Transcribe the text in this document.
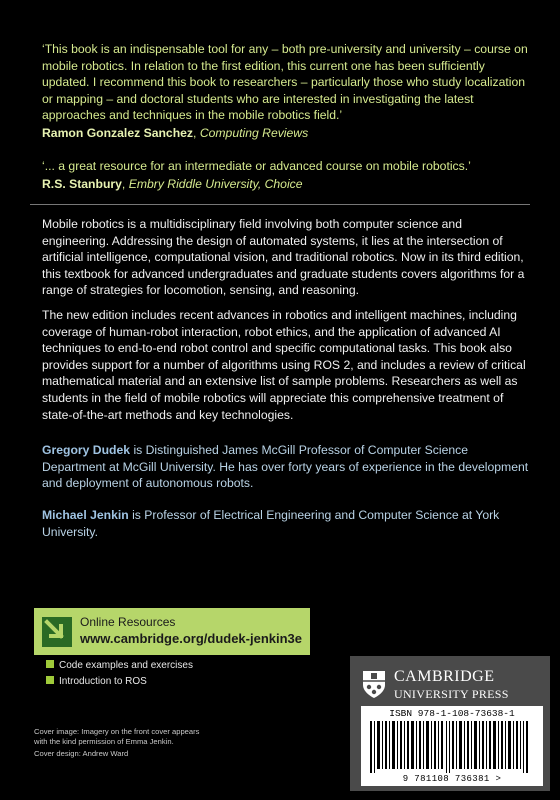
‘This book is an indispensable tool for any – both pre-university and university – course on mobile robotics. In relation to the first edition, this current one has been sufficiently updated. I recommend this book to researchers – particularly those who study localization or mapping – and doctoral students who are interested in investigating the latest approaches and techniques in the mobile robotics field.’
Ramon Gonzalez Sanchez, Computing Reviews
‘... a great resource for an intermediate or advanced course on mobile robotics.’
R.S. Stanbury, Embry Riddle University, Choice

Mobile robotics is a multidisciplinary field involving both computer science and engineering. Addressing the design of automated systems, it lies at the intersection of artificial intelligence, computational vision, and traditional robotics. Now in its third edition, this textbook for advanced undergraduates and graduate students covers algorithms for a range of strategies for locomotion, sensing, and reasoning.

The new edition includes recent advances in robotics and intelligent machines, including coverage of human-robot interaction, robot ethics, and the application of advanced AI techniques to end-to-end robot control and specific computational tasks. This book also provides support for a number of algorithms using ROS 2, and includes a review of critical mathematical material and an extensive list of sample problems. Researchers as well as students in the field of mobile robotics will appreciate this comprehensive treatment of state-of-the-art methods and key technologies.

Gregory Dudek is Distinguished James McGill Professor of Computer Science Department at McGill University. He has over forty years of experience in the development and deployment of autonomous robots.
Michael Jenkin is Professor of Electrical Engineering and Computer Science at York University.
Online Resources
www.cambridge.org/dudek-jenkin3e
Code examples and exercises
Introduction to ROS
Cover image: Imagery on the front cover appears with the kind permission of Emma Jenkin.
Cover design: Andrew Ward
CAMBRIDGE
UNIVERSITY PRESS
ISBN 978-1-108-73638-1
9 781108 736381 >
